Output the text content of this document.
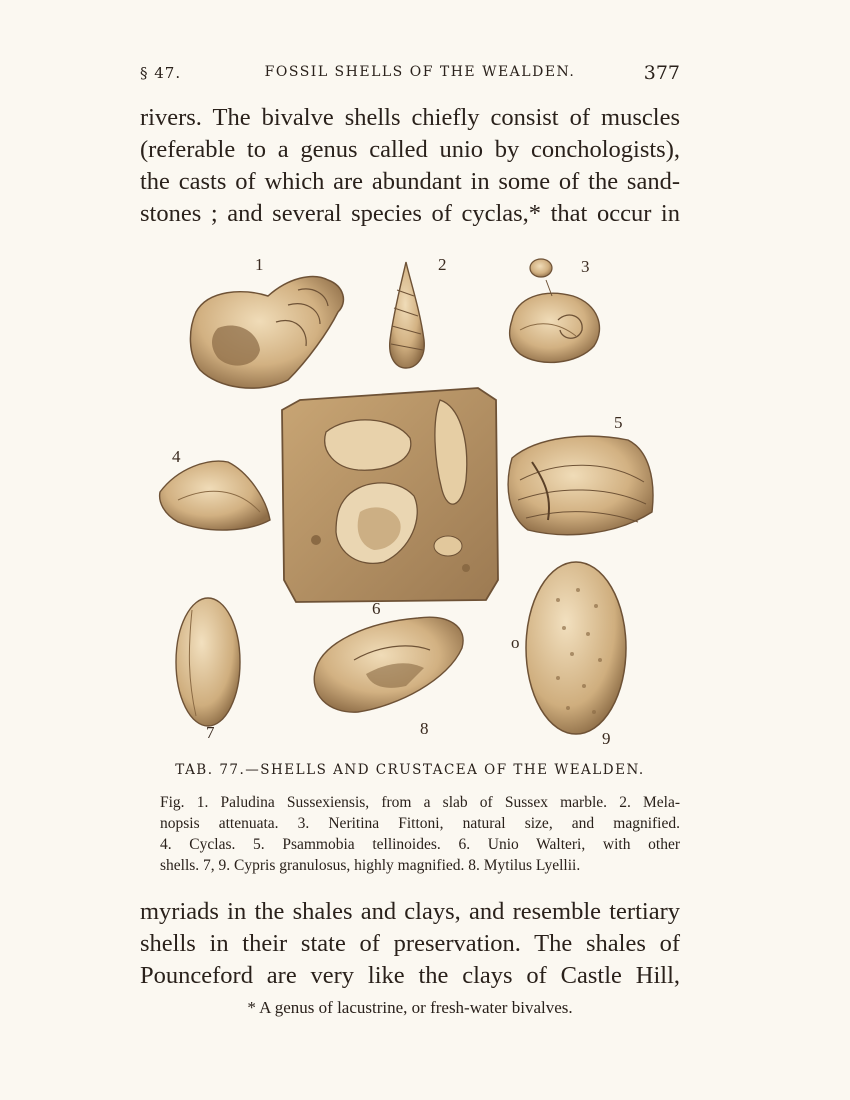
§ 47.	FOSSIL SHELLS OF THE WEALDEN.	377
rivers. The bivalve shells chiefly consist of muscles
(referable to a genus called unio by conchologists),
the casts of which are abundant in some of the sand-
stones ; and several species of cyclas,* that occur in
1	2	3
4
5
6
7	8
9
o
TAB. 77.—SHELLS AND CRUSTACEA OF THE WEALDEN.
Fig. 1. Paludina Sussexiensis, from a slab of Sussex marble. 2. Mela-
nopsis attenuata. 3. Neritina Fittoni, natural size, and magnified.
4. Cyclas. 5. Psammobia tellinoides. 6. Unio Walteri, with other
shells. 7, 9. Cypris granulosus, highly magnified. 8. Mytilus Lyellii.
myriads in the shales and clays, and resemble tertiary
shells in their state of preservation. The shales of
Pounceford are very like the clays of Castle Hill,
* A genus of lacustrine, or fresh-water bivalves.
